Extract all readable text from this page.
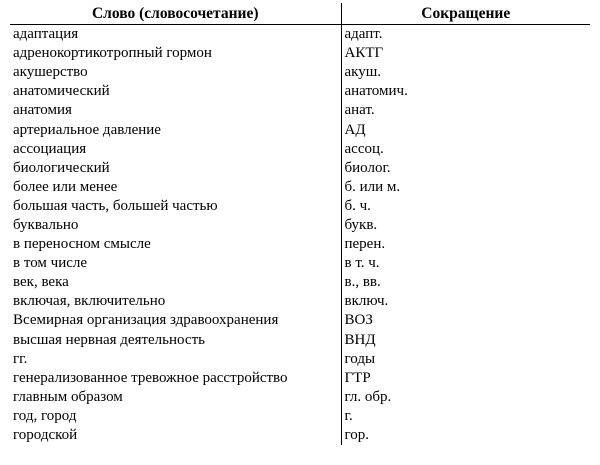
Слово (словосочетание)	Сокращение
адаптация	адапт.
адренокортикотропный гормон	АКТГ
акушерство	акуш.
анатомический	анатомич.
анатомия	анат.
артериальное давление	АД
ассоциация	ассоц.
биологический	биолог.
более или менее	б. или м.
большая часть, большей частью	б. ч.
буквально	букв.
в переносном смысле	перен.
в том числе	в т. ч.
век, века	в., вв.
включая, включительно	включ.
Всемирная организация здравоохранения	ВОЗ
высшая нервная деятельность	ВНД
гг.	годы
генерализованное тревожное расстройство	ГТР
главным образом	гл. обр.
год, город	г.
городской	гор.
